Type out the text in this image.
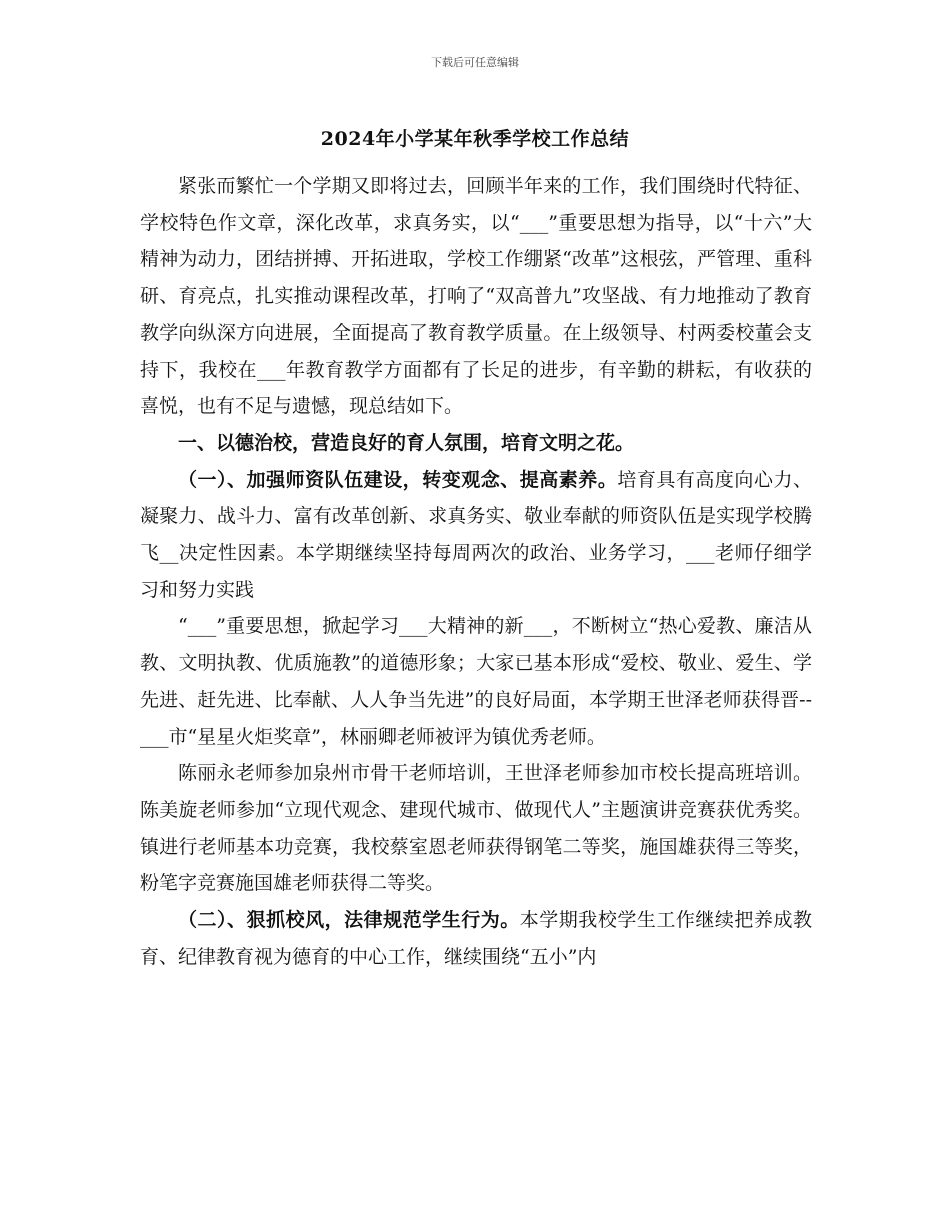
下载后可任意编辑
2024年小学某年秋季学校工作总结

紧张而繁忙一个学期又即将过去，回顾半年来的工作，我们围绕时代特征、学校特色作文章，深化改革，求真务实，以“___”重要思想为指导，以“十六”大精神为动力，团结拼搏、开拓进取，学校工作绷紧“改革”这根弦，严管理、重科研、育亮点，扎实推动课程改革，打响了“双高普九”攻坚战、有力地推动了教育教学向纵深方向进展，全面提高了教育教学质量。在上级领导、村两委校董会支持下，我校在___年教育教学方面都有了长足的进步，有辛勤的耕耘，有收获的喜悦，也有不足与遗憾，现总结如下。

一、以德治校，营造良好的育人氛围，培育文明之花。

（一）、加强师资队伍建设，转变观念、提高素养。培育具有高度向心力、凝聚力、战斗力、富有改革创新、求真务实、敬业奉献的师资队伍是实现学校腾飞__决定性因素。本学期继续坚持每周两次的政治、业务学习，___老师仔细学习和努力实践

“___”重要思想，掀起学习___大精神的新___，不断树立“热心爱教、廉洁从教、文明执教、优质施教”的道德形象；大家已基本形成“爱校、敬业、爱生、学先进、赶先进、比奉献、人人争当先进”的良好局面，本学期王世泽老师获得晋--___市“星星火炬奖章”，林丽卿老师被评为镇优秀老师。

陈丽永老师参加泉州市骨干老师培训，王世泽老师参加市校长提高班培训。陈美旋老师参加“立现代观念、建现代城市、做现代人”主题演讲竞赛获优秀奖。镇进行老师基本功竞赛，我校蔡室恩老师获得钢笔二等奖，施国雄获得三等奖，粉笔字竞赛施国雄老师获得二等奖。

（二）、狠抓校风，法律规范学生行为。本学期我校学生工作继续把养成教育、纪律教育视为德育的中心工作，继续围绕“五小”内
